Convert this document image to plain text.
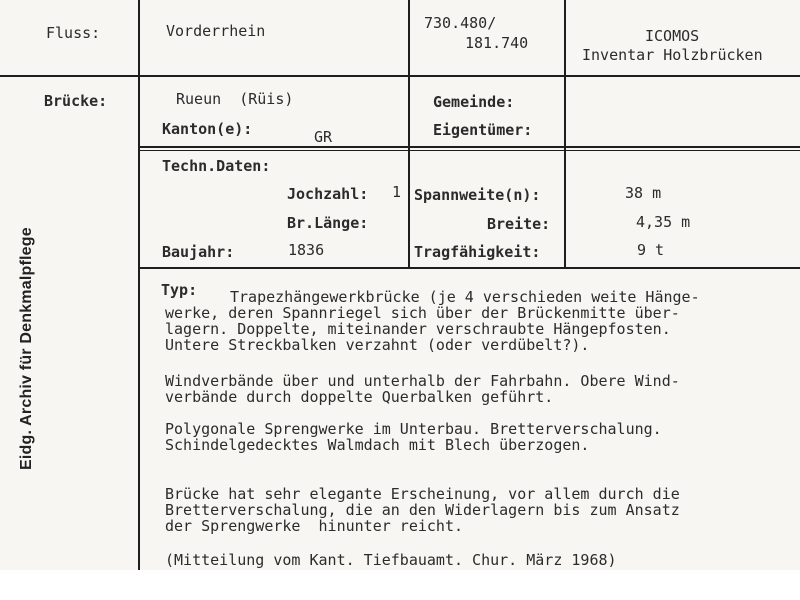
Fluss:	Vorderrhein	730.480/
181.740	ICOMOS
Inventar Holzbrücken
Brücke:	Rueun  (Rüis)
Kanton(e):	GR
Gemeinde:
Eigentümer:
Techn.Daten:
Jochzahl: 1
Br.Länge:
Baujahr:	1836
Spannweite(n):	38 m
Breite:	4,35 m
Tragfähigkeit:	9 t
Typ: Trapezhängewerkbrücke (je 4 verschieden weite Hänge-
werke, deren Spannriegel sich über der Brückenmitte über-
lagern. Doppelte, miteinander verschraubte Hängepfosten.
Untere Streckbalken verzahnt (oder verdübelt?).
Windverbände über und unterhalb der Fahrbahn. Obere Wind-
verbände durch doppelte Querbalken geführt.
Polygonale Sprengwerke im Unterbau. Bretterverschalung.
Schindelgedecktes Walmdach mit Blech überzogen.
Brücke hat sehr elegante Erscheinung, vor allem durch die
Bretterverschalung, die an den Widerlagern bis zum Ansatz
der Sprengwerke  hinunter reicht.
(Mitteilung vom Kant. Tiefbauamt. Chur. März 1968)
Eidg. Archiv für Denkmalpflege
